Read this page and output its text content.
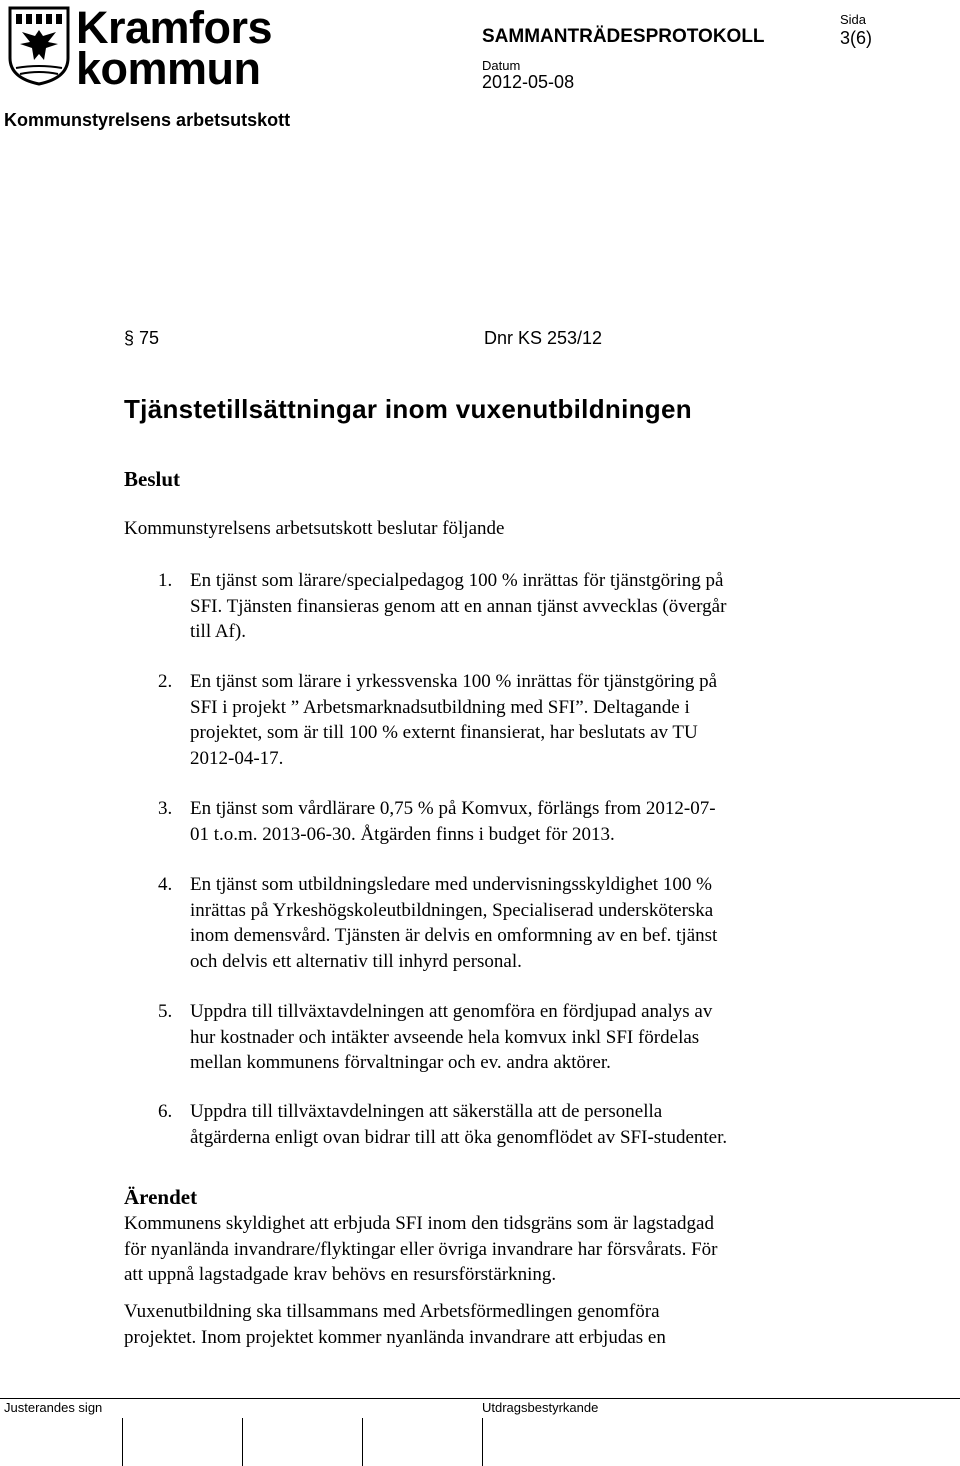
Kramfors
kommun
SAMMANTRÄDESPROTOKOLL
Sida
3(6)
Datum
2012-05-08
Kommunstyrelsens arbetsutskott
§ 75	Dnr KS 253/12
Tjänstetillsättningar inom vuxenutbildningen
Beslut
Kommunstyrelsens arbetsutskott beslutar följande
1. En tjänst som lärare/specialpedagog 100 % inrättas för tjänstgöring på
SFI. Tjänsten finansieras genom att en annan tjänst avvecklas (övergår
till Af).
2. En tjänst som lärare i yrkessvenska 100 % inrättas för tjänstgöring på
SFI i projekt ” Arbetsmarknadsutbildning med SFI”. Deltagande i
projektet, som är till 100 % externt finansierat, har beslutats av TU
2012-04-17.
3. En tjänst som vårdlärare 0,75 % på Komvux, förlängs from 2012-07-
01 t.o.m. 2013-06-30. Åtgärden finns i budget för 2013.
4. En tjänst som utbildningsledare med undervisningsskyldighet 100 %
inrättas på Yrkeshögskoleutbildningen, Specialiserad undersköterska
inom demensvård. Tjänsten är delvis en omformning av en bef. tjänst
och delvis ett alternativ till inhyrd personal.
5. Uppdra till tillväxtavdelningen att genomföra en fördjupad analys av
hur kostnader och intäkter avseende hela komvux inkl SFI fördelas
mellan kommunens förvaltningar och ev. andra aktörer.
6. Uppdra till tillväxtavdelningen att säkerställa att de personella
åtgärderna enligt ovan bidrar till att öka genomflödet av SFI-studenter.
Ärendet
Kommunens skyldighet att erbjuda SFI inom den tidsgräns som är lagstadgad
för nyanlända invandrare/flyktingar eller övriga invandrare har försvårats. För
att uppnå lagstadgade krav behövs en resursförstärkning.
Vuxenutbildning ska tillsammans med Arbetsförmedlingen genomföra
projektet. Inom projektet kommer nyanlända invandrare att erbjudas en
Justerandes sign	Utdragsbestyrkande
